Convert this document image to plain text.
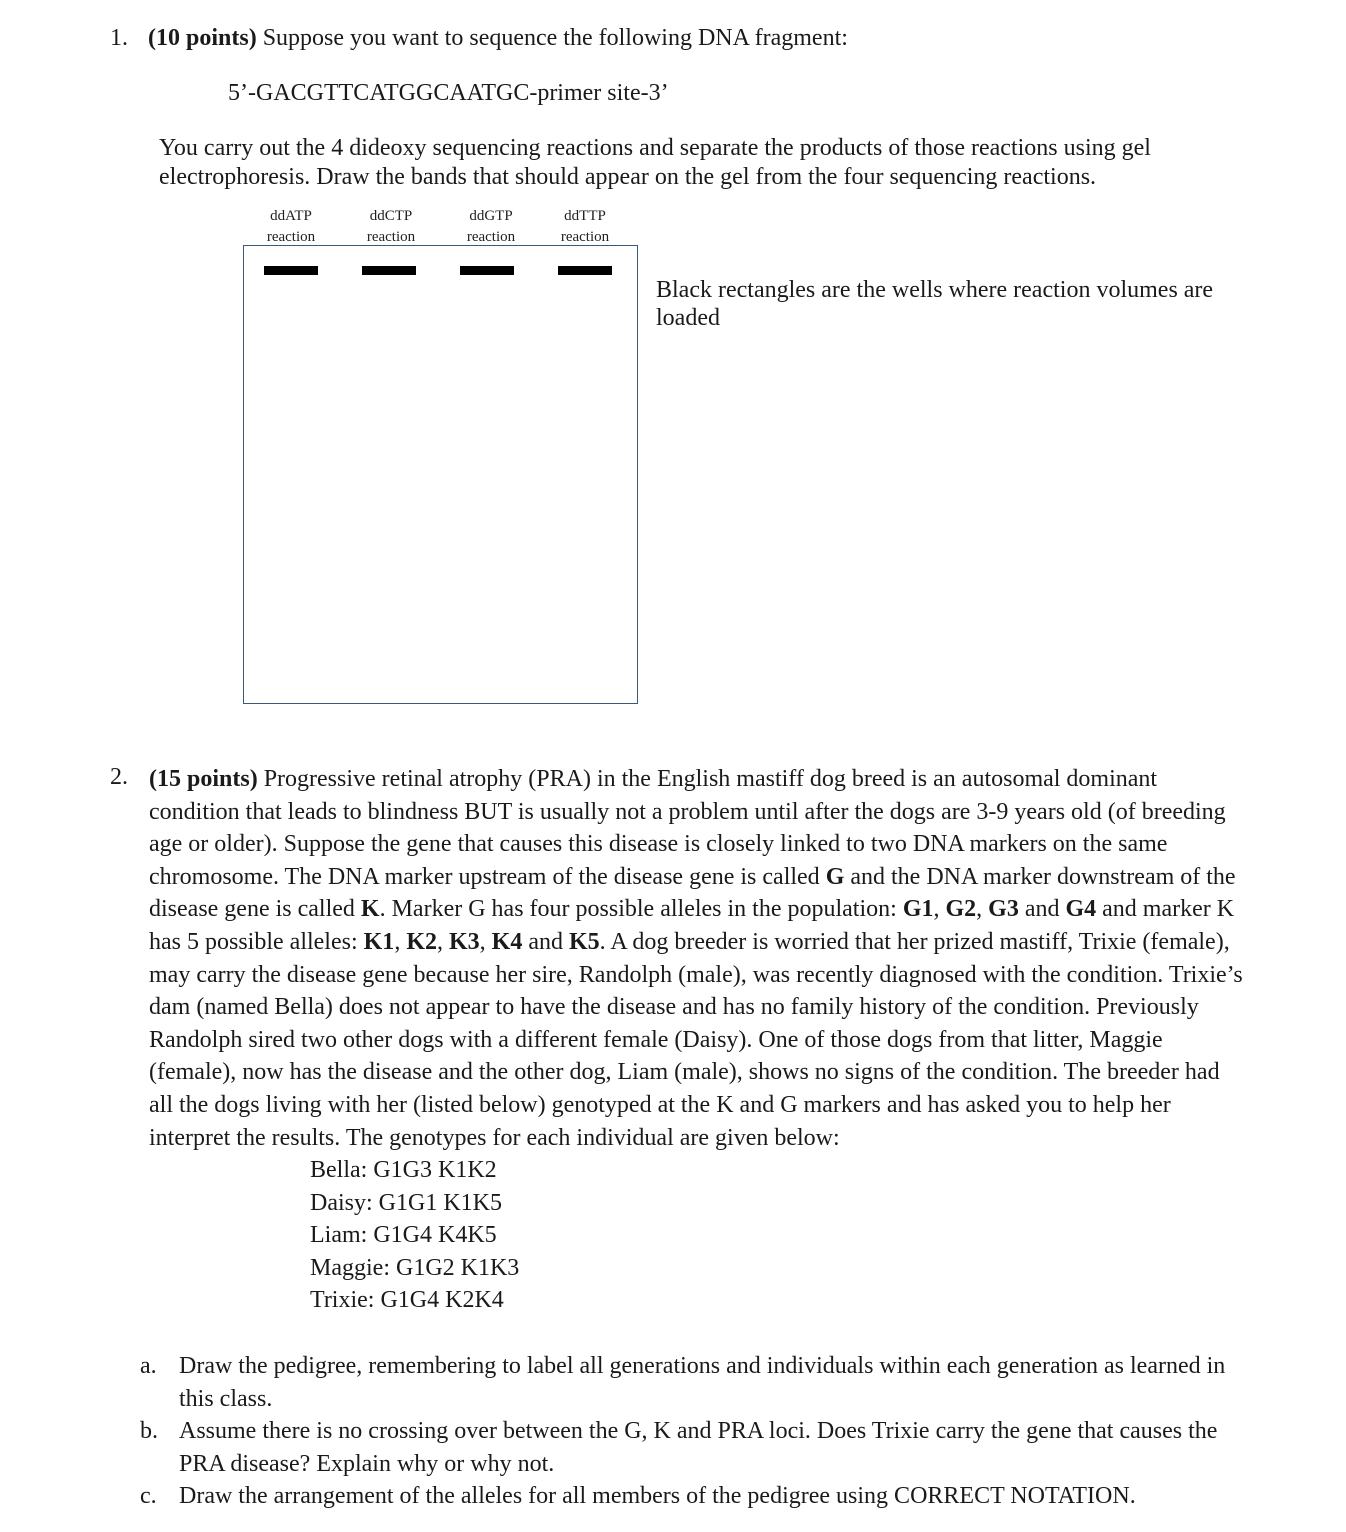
1. (10 points) Suppose you want to sequence the following DNA fragment:
5’-GACGTTCATGGCAATGC-primer site-3’
You carry out the 4 dideoxy sequencing reactions and separate the products of those reactions using gel
electrophoresis. Draw the bands that should appear on the gel from the four sequencing reactions.
ddATP
reaction
ddCTP
reaction
ddGTP
reaction
ddTTP
reaction
Black rectangles are the wells where reaction volumes are
loaded
2. (15 points) Progressive retinal atrophy (PRA) in the English mastiff dog breed is an autosomal dominant
condition that leads to blindness BUT is usually not a problem until after the dogs are 3-9 years old (of breeding
age or older). Suppose the gene that causes this disease is closely linked to two DNA markers on the same
chromosome. The DNA marker upstream of the disease gene is called G and the DNA marker downstream of the
disease gene is called K. Marker G has four possible alleles in the population: G1, G2, G3 and G4 and marker K
has 5 possible alleles: K1, K2, K3, K4 and K5. A dog breeder is worried that her prized mastiff, Trixie (female),
may carry the disease gene because her sire, Randolph (male), was recently diagnosed with the condition. Trixie’s
dam (named Bella) does not appear to have the disease and has no family history of the condition. Previously
Randolph sired two other dogs with a different female (Daisy). One of those dogs from that litter, Maggie
(female), now has the disease and the other dog, Liam (male), shows no signs of the condition. The breeder had
all the dogs living with her (listed below) genotyped at the K and G markers and has asked you to help her
interpret the results. The genotypes for each individual are given below:
Bella: G1G3 K1K2
Daisy: G1G1 K1K5
Liam: G1G4 K4K5
Maggie: G1G2 K1K3
Trixie: G1G4 K2K4
a. Draw the pedigree, remembering to label all generations and individuals within each generation as learned in
this class.
b. Assume there is no crossing over between the G, K and PRA loci. Does Trixie carry the gene that causes the
PRA disease? Explain why or why not.
c. Draw the arrangement of the alleles for all members of the pedigree using CORRECT NOTATION.
